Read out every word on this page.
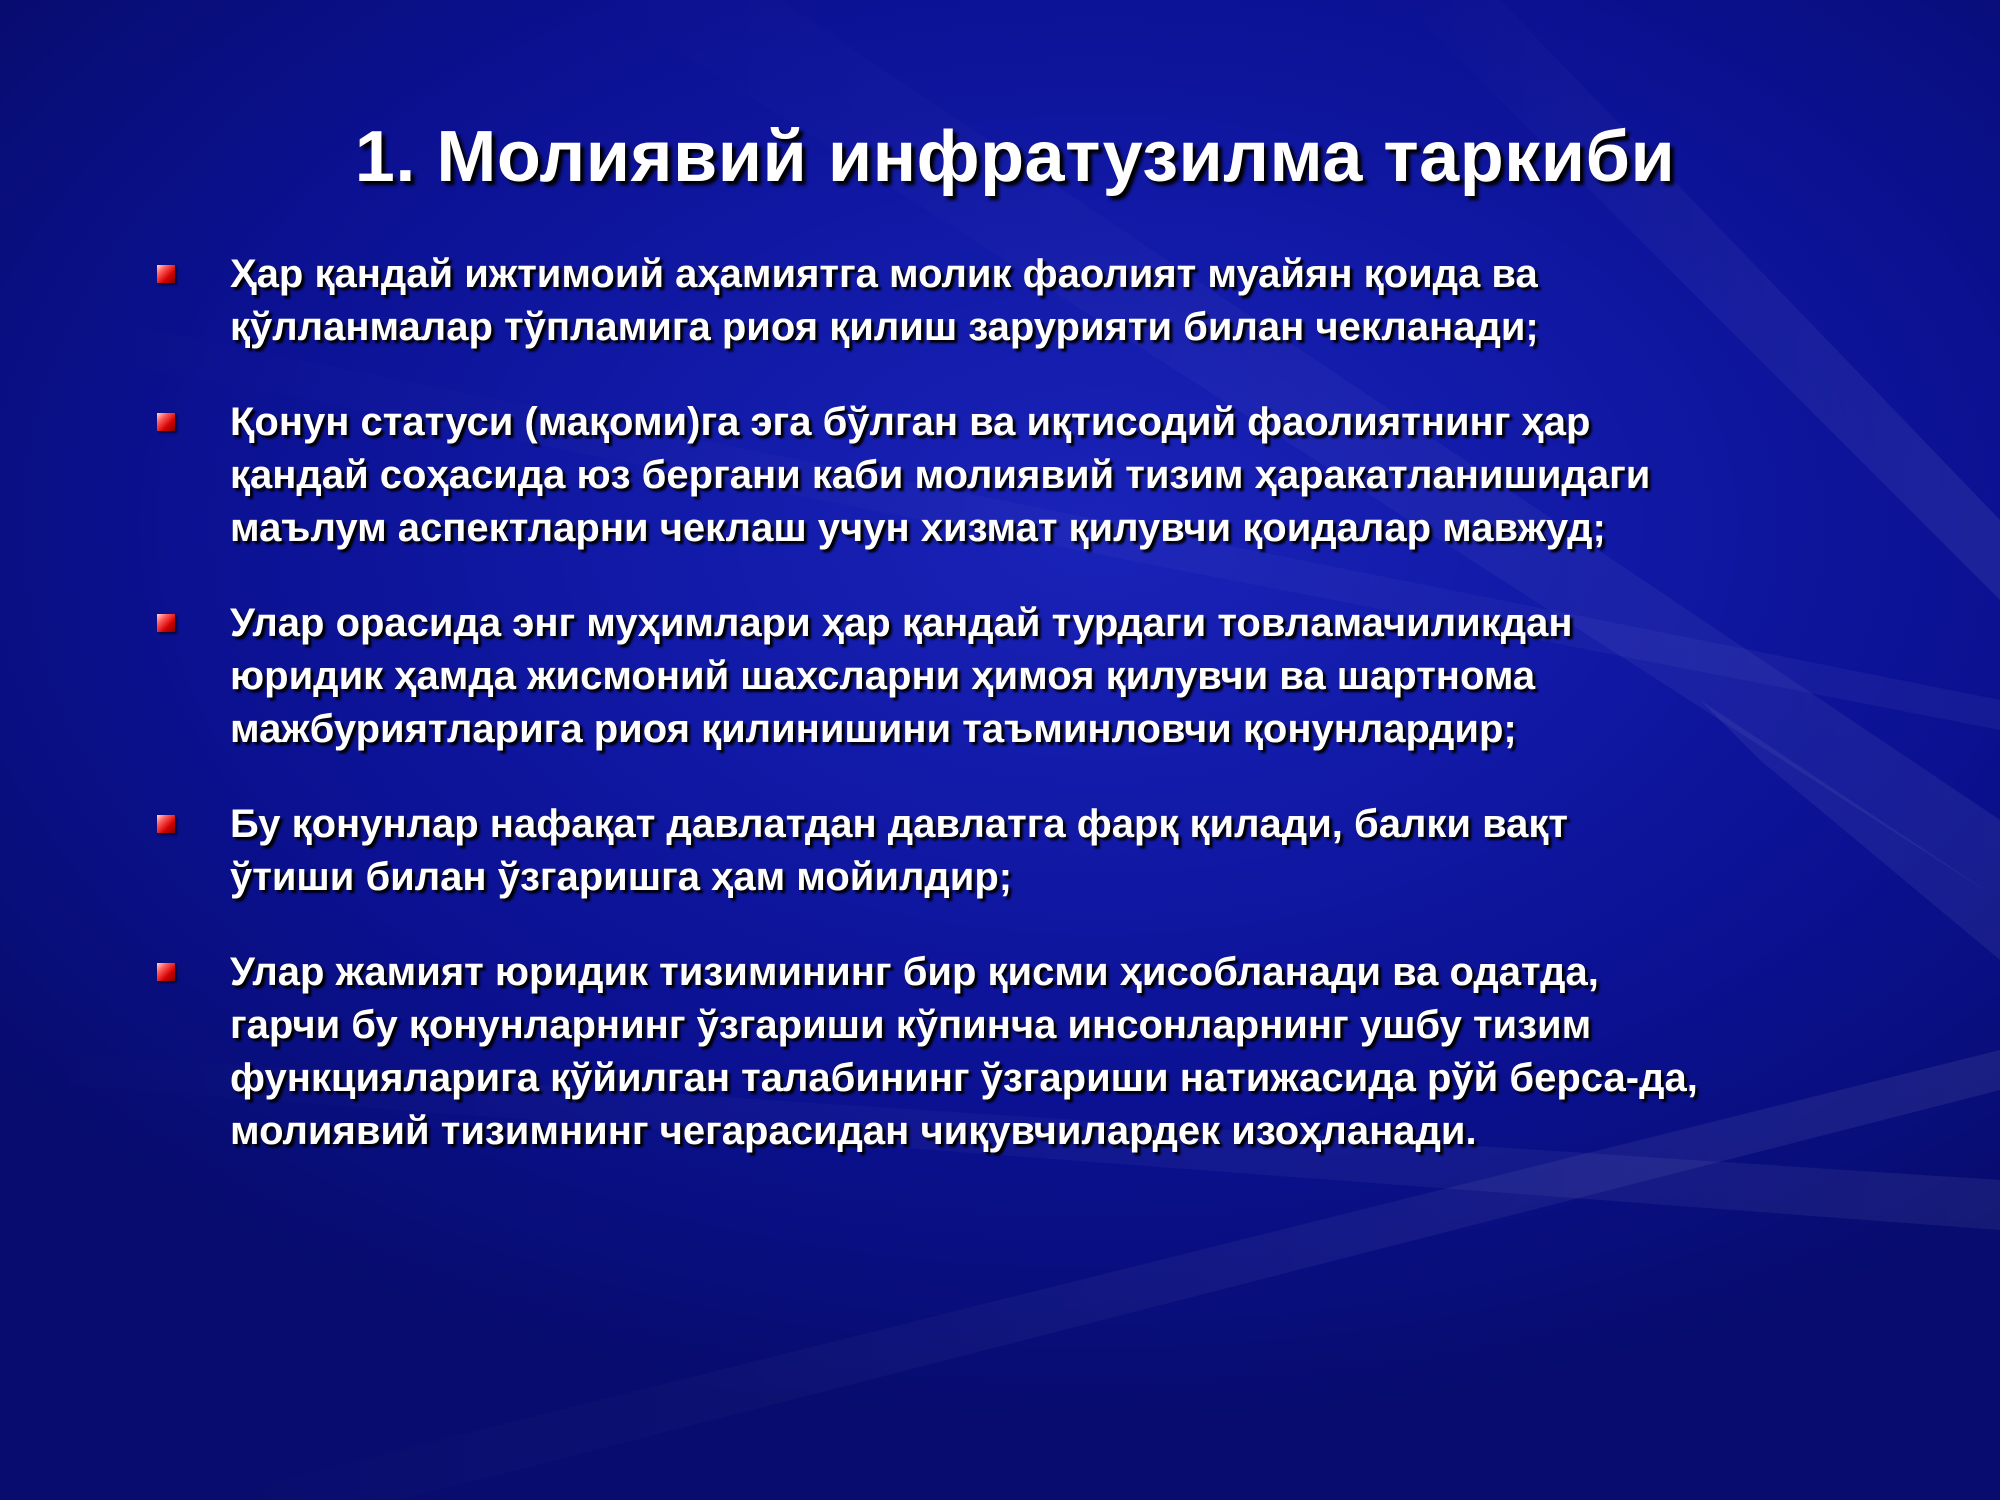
1. Молиявий инфратузилма таркиби
Ҳар қандай ижтимоий аҳамиятга молик фаолият муайян қоида ва
қўлланмалар тўпламига риоя қилиш зарурияти билан чекланади;
Қонун статуси (мақоми)га эга бўлган ва иқтисодий фаолиятнинг ҳар
қандай соҳасида юз бергани каби молиявий тизим ҳаракатланишидаги
маълум аспектларни чеклаш учун хизмат қилувчи қоидалар мавжуд;
Улар орасида энг муҳимлари ҳар қандай турдаги товламачиликдан
юридик ҳамда жисмоний шахсларни ҳимоя қилувчи ва шартнома
мажбуриятларига риоя қилинишини таъминловчи қонунлардир;
Бу қонунлар нафақат давлатдан давлатга фарқ қилади, балки вақт
ўтиши билан ўзгаришга ҳам мойилдир;
Улар жамият юридик тизимининг бир қисми ҳисобланади ва одатда,
гарчи бу қонунларнинг ўзгариши кўпинча инсонларнинг ушбу тизим
функцияларига қўйилган талабининг ўзгариши натижасида рўй берса-да,
молиявий тизимнинг чегарасидан чиқувчилардек изоҳланади.
